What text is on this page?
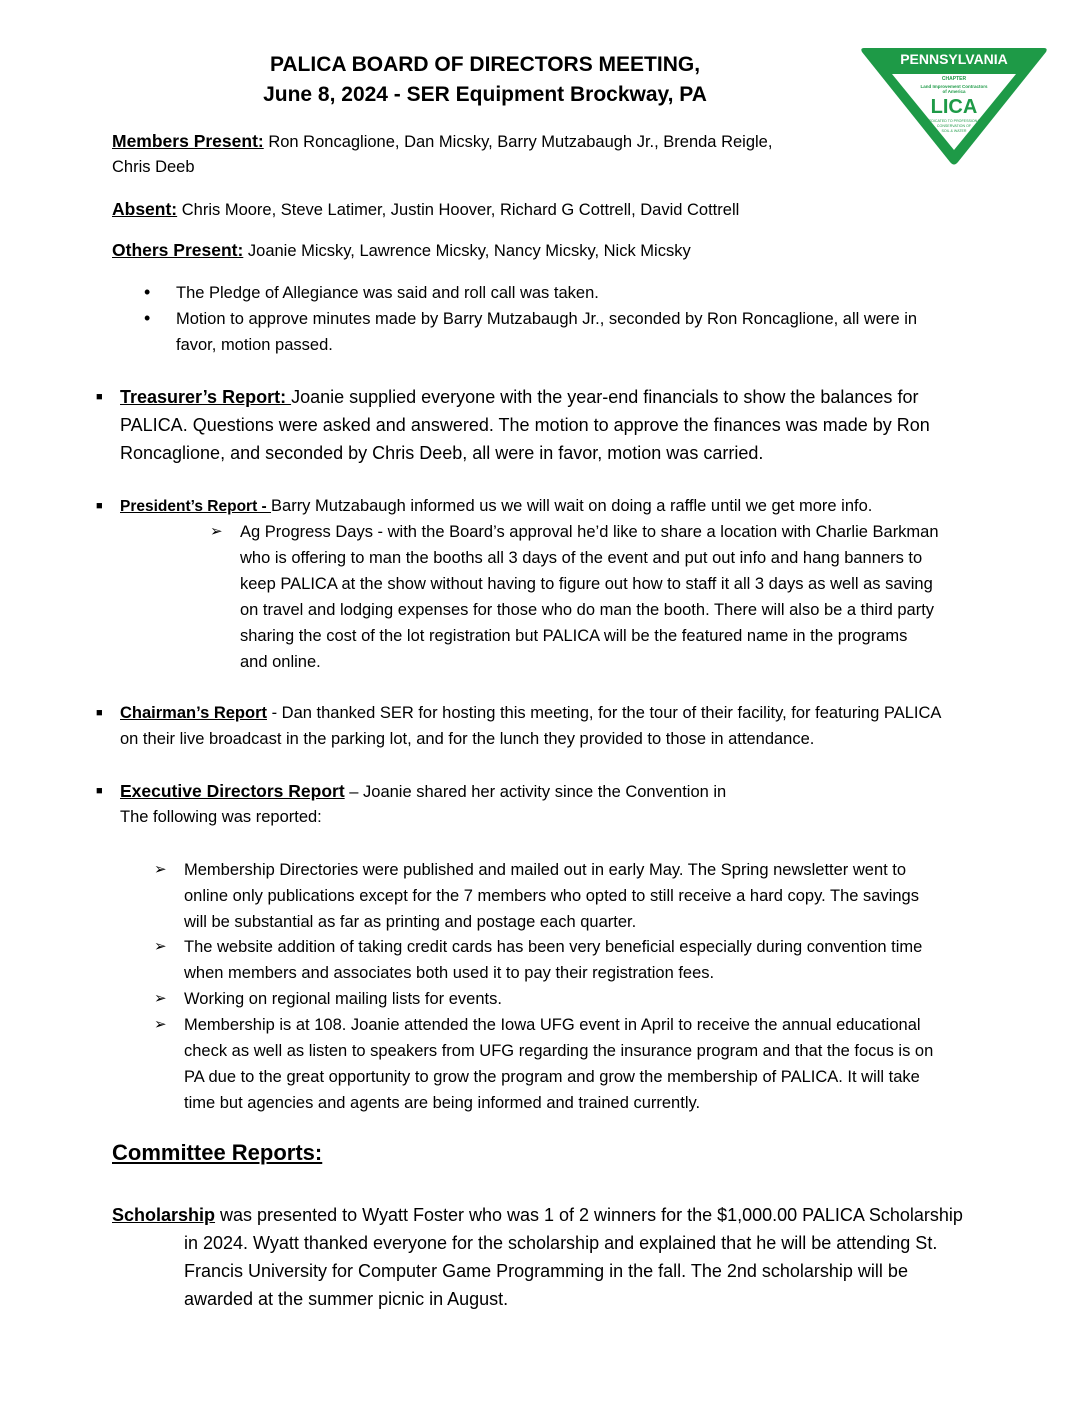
PALICA BOARD OF DIRECTORS MEETING,
June 8, 2024 - SER Equipment Brockway, PA
PENNSYLVANIA
CHAPTER
Land Improvement Contractors
of America
LICA
DEDICATED TO PROFESSIONAL
CONSERVATION OF
SOIL & WATER
Members Present: Ron Roncaglione, Dan Micsky, Barry Mutzabaugh Jr., Brenda Reigle,
Chris Deeb
Absent: Chris Moore, Steve Latimer, Justin Hoover, Richard G Cottrell, David Cottrell
Others Present: Joanie Micsky, Lawrence Micsky, Nancy Micsky, Nick Micsky
• The Pledge of Allegiance was said and roll call was taken.
• Motion to approve minutes made by Barry Mutzabaugh Jr., seconded by Ron Roncaglione, all were in
favor, motion passed.
■ Treasurer’s Report: Joanie supplied everyone with the year-end financials to show the balances for
PALICA. Questions were asked and answered. The motion to approve the finances was made by Ron
Roncaglione, and seconded by Chris Deeb, all were in favor, motion was carried.
■ President’s Report - Barry Mutzabaugh informed us we will wait on doing a raffle until we get more info.
➢ Ag Progress Days - with the Board’s approval he’d like to share a location with Charlie Barkman
who is offering to man the booths all 3 days of the event and put out info and hang banners to
keep PALICA at the show without having to figure out how to staff it all 3 days as well as saving
on travel and lodging expenses for those who do man the booth. There will also be a third party
sharing the cost of the lot registration but PALICA will be the featured name in the programs
and online.
■ Chairman’s Report - Dan thanked SER for hosting this meeting, for the tour of their facility, for featuring PALICA
on their live broadcast in the parking lot, and for the lunch they provided to those in attendance.
■ Executive Directors Report – Joanie shared her activity since the Convention in
The following was reported:
➢ Membership Directories were published and mailed out in early May. The Spring newsletter went to
online only publications except for the 7 members who opted to still receive a hard copy. The savings
will be substantial as far as printing and postage each quarter.
➢ The website addition of taking credit cards has been very beneficial especially during convention time
when members and associates both used it to pay their registration fees.
➢ Working on regional mailing lists for events.
➢ Membership is at 108. Joanie attended the Iowa UFG event in April to receive the annual educational
check as well as listen to speakers from UFG regarding the insurance program and that the focus is on
PA due to the great opportunity to grow the program and grow the membership of PALICA. It will take
time but agencies and agents are being informed and trained currently.
Committee Reports:
Scholarship was presented to Wyatt Foster who was 1 of 2 winners for the $1,000.00 PALICA Scholarship
in 2024. Wyatt thanked everyone for the scholarship and explained that he will be attending St.
Francis University for Computer Game Programming in the fall. The 2nd scholarship will be
awarded at the summer picnic in August.
